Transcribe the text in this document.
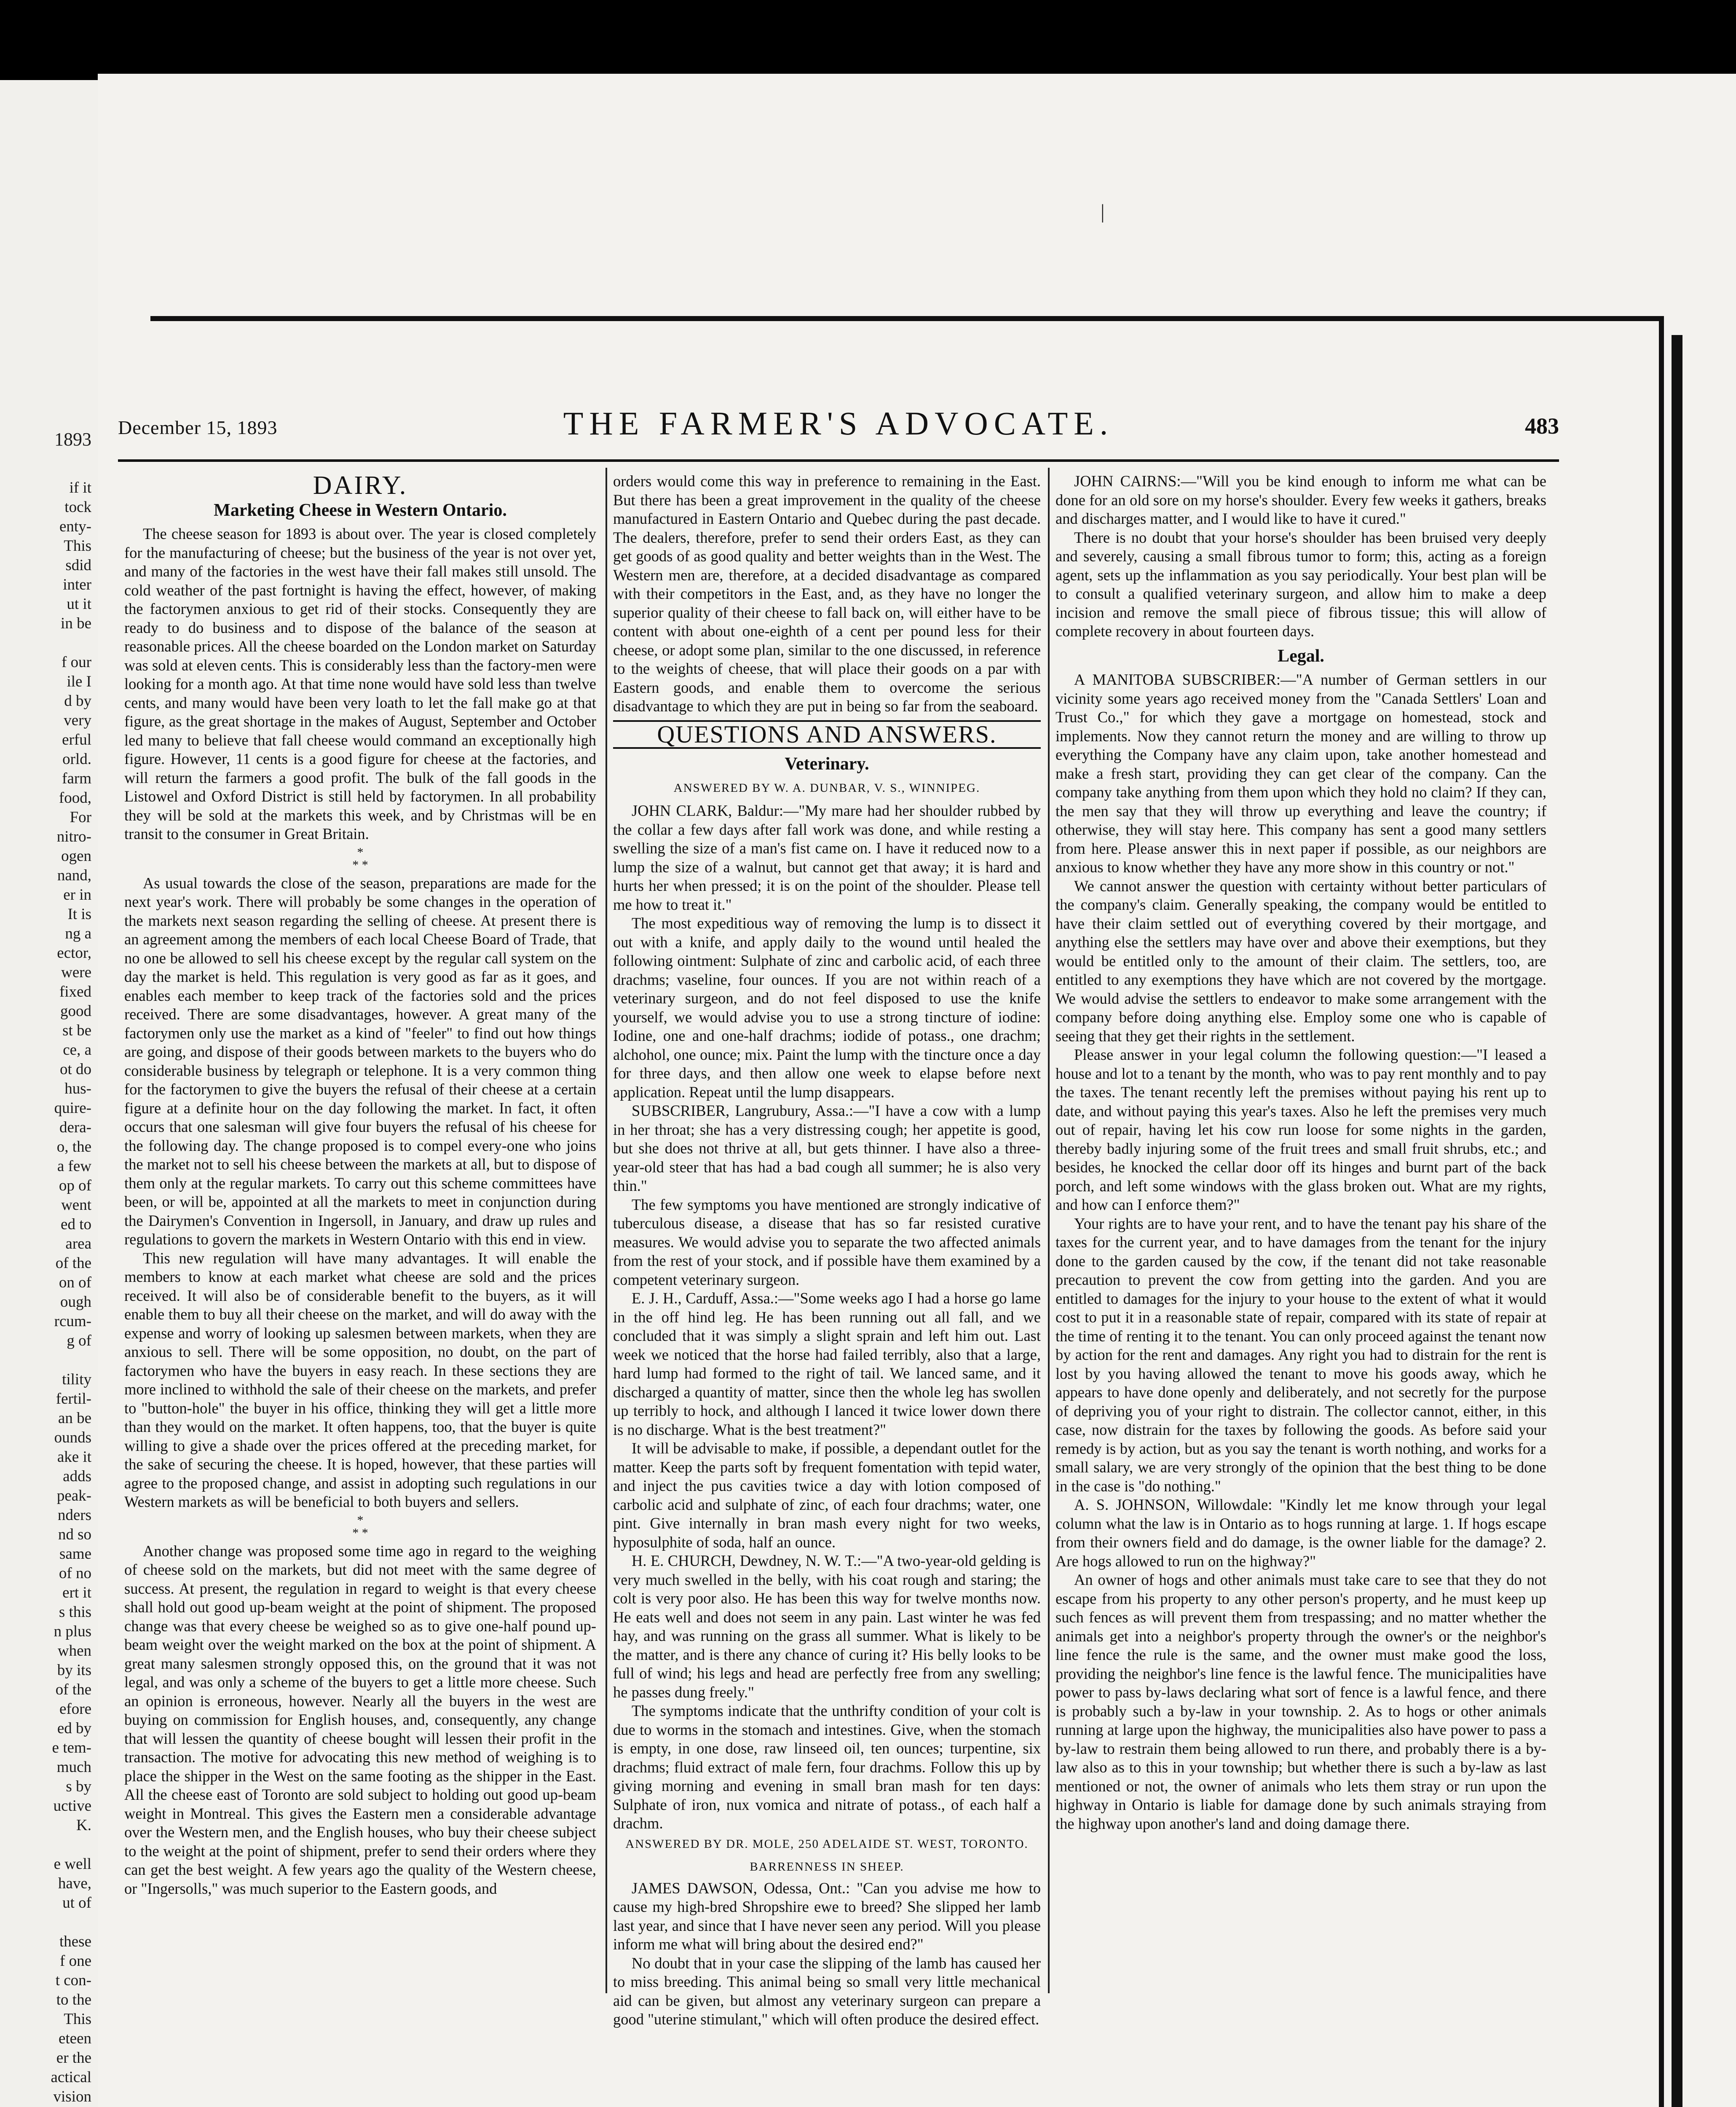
1893
if it
tock
enty-
This
sdid
inter
ut it
in be

f our
ile I
d by
very
erful
orld.
farm
food,
For
nitro-
ogen
nand,
er in
It is
ng a
ector,
were
fixed
good
st be
ce, a
ot do
hus-
quire-
dera-
o, the
a few
op of
went
ed to
area
of the
on of
ough
rcum-
g of

tility
fertil-
an be
ounds
ake it
adds
peak-
nders
nd so
same
of no
ert it
s this
n plus
when
by its
of the
efore
ed by
e tem-
much
s by
uctive
K.

e well
have,
ut of

these
f one
t con-
to the
This
eteen
er the
actical
vision

|
December 15, 1893	THE FARMER'S ADVOCATE.	483
DAIRY.
Marketing Cheese in Western Ontario.

The cheese season for 1893 is about over. The year is closed completely for the manufacturing of cheese; but the business of the year is not over yet, and many of the factories in the west have their fall makes still unsold. The cold weather of the past fortnight is having the effect, however, of making the factorymen anxious to get rid of their stocks. Consequently they are ready to do business and to dispose of the balance of the season at reasonable prices. All the cheese boarded on the London market on Saturday was sold at eleven cents. This is considerably less than the factory-men were looking for a month ago. At that time none would have sold less than twelve cents, and many would have been very loath to let the fall make go at that figure, as the great shortage in the makes of August, September and October led many to believe that fall cheese would command an exceptionally high figure. However, 11 cents is a good figure for cheese at the factories, and will return the farmers a good profit. The bulk of the fall goods in the Listowel and Oxford District is still held by factorymen. In all probability they will be sold at the markets this week, and by Christmas will be en transit to the consumer in Great Britain.

*
* *

As usual towards the close of the season, preparations are made for the next year's work. There will probably be some changes in the operation of the markets next season regarding the selling of cheese. At present there is an agreement among the members of each local Cheese Board of Trade, that no one be allowed to sell his cheese except by the regular call system on the day the market is held. This regulation is very good as far as it goes, and enables each member to keep track of the factories sold and the prices received. There are some disadvantages, however. A great many of the factorymen only use the market as a kind of "feeler" to find out how things are going, and dispose of their goods between markets to the buyers who do considerable business by telegraph or telephone. It is a very common thing for the factorymen to give the buyers the refusal of their cheese at a certain figure at a definite hour on the day following the market. In fact, it often occurs that one salesman will give four buyers the refusal of his cheese for the following day. The change proposed is to compel every-one who joins the market not to sell his cheese between the markets at all, but to dispose of them only at the regular markets. To carry out this scheme committees have been, or will be, appointed at all the markets to meet in conjunction during the Dairymen's Convention in Ingersoll, in January, and draw up rules and regulations to govern the markets in Western Ontario with this end in view.

This new regulation will have many advantages. It will enable the members to know at each market what cheese are sold and the prices received. It will also be of considerable benefit to the buyers, as it will enable them to buy all their cheese on the market, and will do away with the expense and worry of looking up salesmen between markets, when they are anxious to sell. There will be some opposition, no doubt, on the part of factorymen who have the buyers in easy reach. In these sections they are more inclined to withhold the sale of their cheese on the markets, and prefer to "button-hole" the buyer in his office, thinking they will get a little more than they would on the market. It often happens, too, that the buyer is quite willing to give a shade over the prices offered at the preceding market, for the sake of securing the cheese. It is hoped, however, that these parties will agree to the proposed change, and assist in adopting such regulations in our Western markets as will be beneficial to both buyers and sellers.

*
* *

Another change was proposed some time ago in regard to the weighing of cheese sold on the markets, but did not meet with the same degree of success. At present, the regulation in regard to weight is that every cheese shall hold out good up-beam weight at the point of shipment. The proposed change was that every cheese be weighed so as to give one-half pound up-beam weight over the weight marked on the box at the point of shipment. A great many salesmen strongly opposed this, on the ground that it was not legal, and was only a scheme of the buyers to get a little more cheese. Such an opinion is erroneous, however. Nearly all the buyers in the west are buying on commission for English houses, and, consequently, any change that will lessen the quantity of cheese bought will lessen their profit in the transaction. The motive for advocating this new method of weighing is to place the shipper in the West on the same footing as the shipper in the East. All the cheese east of Toronto are sold subject to holding out good up-beam weight in Montreal. This gives the Eastern men a considerable advantage over the Western men, and the English houses, who buy their cheese subject to the weight at the point of shipment, prefer to send their orders where they can get the best weight. A few years ago the quality of the Western cheese, or "Ingersolls," was much superior to the Eastern goods, and

orders would come this way in preference to remaining in the East. But there has been a great improvement in the quality of the cheese manufactured in Eastern Ontario and Quebec during the past decade. The dealers, therefore, prefer to send their orders East, as they can get goods of as good quality and better weights than in the West. The Western men are, therefore, at a decided disadvantage as compared with their competitors in the East, and, as they have no longer the superior quality of their cheese to fall back on, will either have to be content with about one-eighth of a cent per pound less for their cheese, or adopt some plan, similar to the one discussed, in reference to the weights of cheese, that will place their goods on a par with Eastern goods, and enable them to overcome the serious disadvantage to which they are put in being so far from the seaboard.

QUESTIONS AND ANSWERS.
Veterinary.
ANSWERED BY W. A. DUNBAR, V. S., WINNIPEG.

JOHN CLARK, Baldur:—"My mare had her shoulder rubbed by the collar a few days after fall work was done, and while resting a swelling the size of a man's fist came on. I have it reduced now to a lump the size of a walnut, but cannot get that away; it is hard and hurts her when pressed; it is on the point of the shoulder. Please tell me how to treat it."

The most expeditious way of removing the lump is to dissect it out with a knife, and apply daily to the wound until healed the following ointment: Sulphate of zinc and carbolic acid, of each three drachms; vaseline, four ounces. If you are not within reach of a veterinary surgeon, and do not feel disposed to use the knife yourself, we would advise you to use a strong tincture of iodine: Iodine, one and one-half drachms; iodide of potass., one drachm; alchohol, one ounce; mix. Paint the lump with the tincture once a day for three days, and then allow one week to elapse before next application. Repeat until the lump disappears.

SUBSCRIBER, Langrubury, Assa.:—"I have a cow with a lump in her throat; she has a very distressing cough; her appetite is good, but she does not thrive at all, but gets thinner. I have also a three-year-old steer that has had a bad cough all summer; he is also very thin."

The few symptoms you have mentioned are strongly indicative of tuberculous disease, a disease that has so far resisted curative measures. We would advise you to separate the two affected animals from the rest of your stock, and if possible have them examined by a competent veterinary surgeon.

E. J. H., Carduff, Assa.:—"Some weeks ago I had a horse go lame in the off hind leg. He has been running out all fall, and we concluded that it was simply a slight sprain and left him out. Last week we noticed that the horse had failed terribly, also that a large, hard lump had formed to the right of tail. We lanced same, and it discharged a quantity of matter, since then the whole leg has swollen up terribly to hock, and although I lanced it twice lower down there is no discharge. What is the best treatment?"

It will be advisable to make, if possible, a dependant outlet for the matter. Keep the parts soft by frequent fomentation with tepid water, and inject the pus cavities twice a day with lotion composed of carbolic acid and sulphate of zinc, of each four drachms; water, one pint. Give internally in bran mash every night for two weeks, hyposulphite of soda, half an ounce.

H. E. CHURCH, Dewdney, N. W. T.:—"A two-year-old gelding is very much swelled in the belly, with his coat rough and staring; the colt is very poor also. He has been this way for twelve months now. He eats well and does not seem in any pain. Last winter he was fed hay, and was running on the grass all summer. What is likely to be the matter, and is there any chance of curing it? His belly looks to be full of wind; his legs and head are perfectly free from any swelling; he passes dung freely."

The symptoms indicate that the unthrifty condition of your colt is due to worms in the stomach and intestines. Give, when the stomach is empty, in one dose, raw linseed oil, ten ounces; turpentine, six drachms; fluid extract of male fern, four drachms. Follow this up by giving morning and evening in small bran mash for ten days: Sulphate of iron, nux vomica and nitrate of potass., of each half a drachm.

ANSWERED BY DR. MOLE, 250 ADELAIDE ST. WEST, TORONTO.
BARRENNESS IN SHEEP.

JAMES DAWSON, Odessa, Ont.: "Can you advise me how to cause my high-bred Shropshire ewe to breed? She slipped her lamb last year, and since that I have never seen any period. Will you please inform me what will bring about the desired end?"

No doubt that in your case the slipping of the lamb has caused her to miss breeding. This animal being so small very little mechanical aid can be given, but almost any veterinary surgeon can prepare a good "uterine stimulant," which will often produce the desired effect.

JOHN CAIRNS:—"Will you be kind enough to inform me what can be done for an old sore on my horse's shoulder. Every few weeks it gathers, breaks and discharges matter, and I would like to have it cured."

There is no doubt that your horse's shoulder has been bruised very deeply and severely, causing a small fibrous tumor to form; this, acting as a foreign agent, sets up the inflammation as you say periodically. Your best plan will be to consult a qualified veterinary surgeon, and allow him to make a deep incision and remove the small piece of fibrous tissue; this will allow of complete recovery in about fourteen days.

Legal.

A MANITOBA SUBSCRIBER:—"A number of German settlers in our vicinity some years ago received money from the "Canada Settlers' Loan and Trust Co.," for which they gave a mortgage on homestead, stock and implements. Now they cannot return the money and are willing to throw up everything the Company have any claim upon, take another homestead and make a fresh start, providing they can get clear of the company. Can the company take anything from them upon which they hold no claim? If they can, the men say that they will throw up everything and leave the country; if otherwise, they will stay here. This company has sent a good many settlers from here. Please answer this in next paper if possible, as our neighbors are anxious to know whether they have any more show in this country or not."

We cannot answer the question with certainty without better particulars of the company's claim. Generally speaking, the company would be entitled to have their claim settled out of everything covered by their mortgage, and anything else the settlers may have over and above their exemptions, but they would be entitled only to the amount of their claim. The settlers, too, are entitled to any exemptions they have which are not covered by the mortgage. We would advise the settlers to endeavor to make some arrangement with the company before doing anything else. Employ some one who is capable of seeing that they get their rights in the settlement.

Please answer in your legal column the following question:—"I leased a house and lot to a tenant by the month, who was to pay rent monthly and to pay the taxes. The tenant recently left the premises without paying his rent up to date, and without paying this year's taxes. Also he left the premises very much out of repair, having let his cow run loose for some nights in the garden, thereby badly injuring some of the fruit trees and small fruit shrubs, etc.; and besides, he knocked the cellar door off its hinges and burnt part of the back porch, and left some windows with the glass broken out. What are my rights, and how can I enforce them?"

Your rights are to have your rent, and to have the tenant pay his share of the taxes for the current year, and to have damages from the tenant for the injury done to the garden caused by the cow, if the tenant did not take reasonable precaution to prevent the cow from getting into the garden. And you are entitled to damages for the injury to your house to the extent of what it would cost to put it in a reasonable state of repair, compared with its state of repair at the time of renting it to the tenant. You can only proceed against the tenant now by action for the rent and damages. Any right you had to distrain for the rent is lost by you having allowed the tenant to move his goods away, which he appears to have done openly and deliberately, and not secretly for the purpose of depriving you of your right to distrain. The collector cannot, either, in this case, now distrain for the taxes by following the goods. As before said your remedy is by action, but as you say the tenant is worth nothing, and works for a small salary, we are very strongly of the opinion that the best thing to be done in the case is "do nothing."

A. S. JOHNSON, Willowdale: "Kindly let me know through your legal column what the law is in Ontario as to hogs running at large. 1. If hogs escape from their owners field and do damage, is the owner liable for the damage? 2. Are hogs allowed to run on the highway?"

An owner of hogs and other animals must take care to see that they do not escape from his property to any other person's property, and he must keep up such fences as will prevent them from trespassing; and no matter whether the animals get into a neighbor's property through the owner's or the neighbor's line fence the rule is the same, and the owner must make good the loss, providing the neighbor's line fence is the lawful fence. The municipalities have power to pass by-laws declaring what sort of fence is a lawful fence, and there is probably such a by-law in your township. 2. As to hogs or other animals running at large upon the highway, the municipalities also have power to pass a by-law to restrain them being allowed to run there, and probably there is a by-law also as to this in your township; but whether there is such a by-law as last mentioned or not, the owner of animals who lets them stray or run upon the highway in Ontario is liable for damage done by such animals straying from the highway upon another's land and doing damage there.
